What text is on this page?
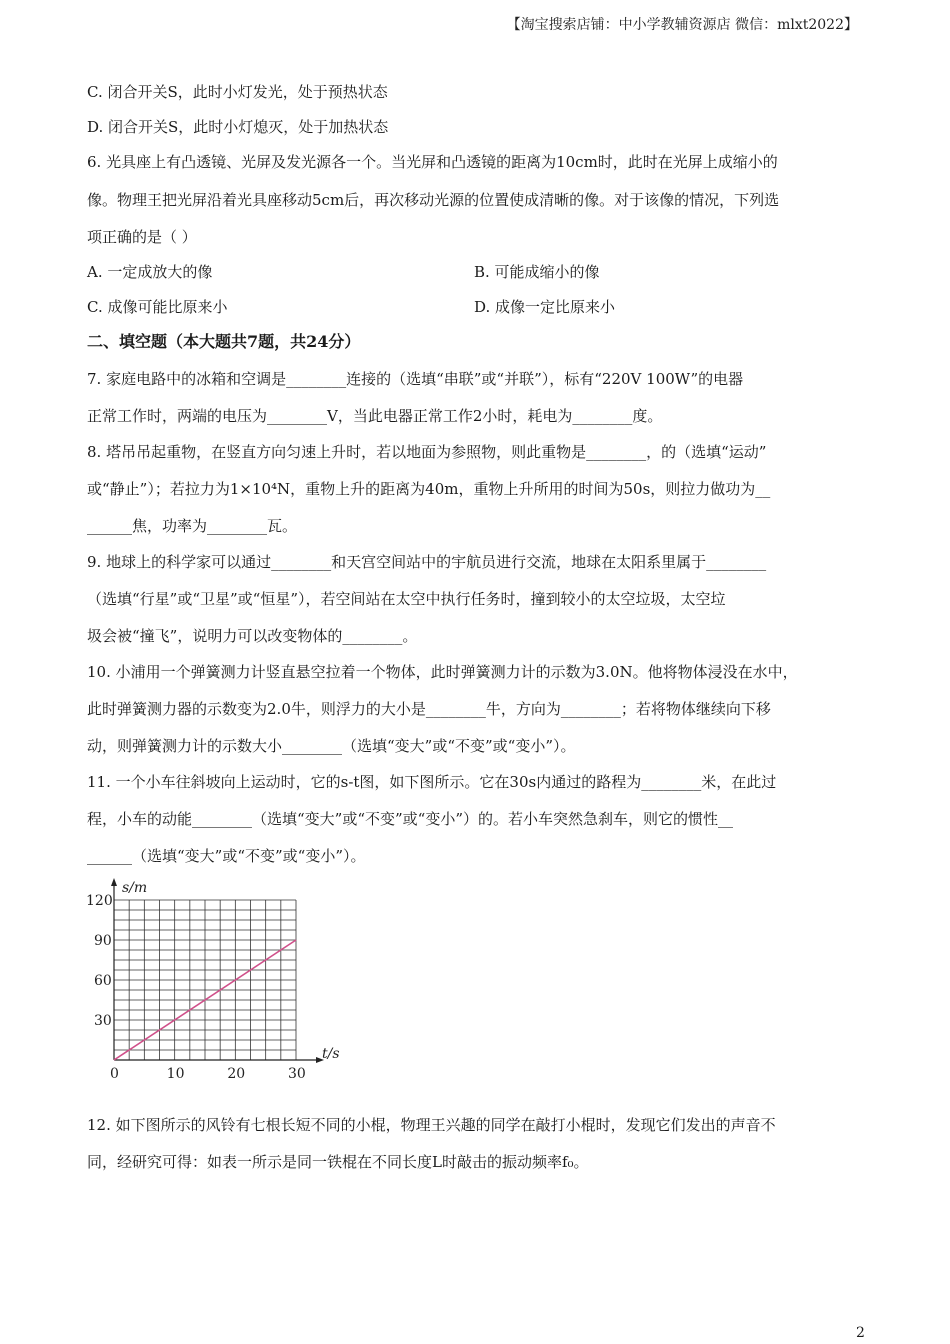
【淘宝搜索店铺：中小学教辅资源店 微信：mlxt2022】
C. 闭合开关S，此时小灯发光，处于预热状态
D. 闭合开关S，此时小灯熄灭，处于加热状态
6. 光具座上有凸透镜、光屏及发光源各一个。当光屏和凸透镜的距离为10cm时，此时在光屏上成缩小的
像。物理王把光屏沿着光具座移动5cm后，再次移动光源的位置使成清晰的像。对于该像的情况，下列选
项正确的是（ ）
A. 一定成放大的像	B. 可能成缩小的像
C. 成像可能比原来小	D. 成像一定比原来小
二、填空题（本大题共7题，共24分）
7. 家庭电路中的冰箱和空调是________连接的（选填“串联”或“并联”），标有“220V 100W”的电器
正常工作时，两端的电压为________V，当此电器正常工作2小时，耗电为________度。
8. 塔吊吊起重物，在竖直方向匀速上升时，若以地面为参照物，则此重物是________，的（选填“运动”
或“静止”）；若拉力为1×10⁴N，重物上升的距离为40m，重物上升所用的时间为50s，则拉力做功为__
______焦，功率为________瓦。
9. 地球上的科学家可以通过________和天宫空间站中的宇航员进行交流，地球在太阳系里属于________
（选填“行星”或“卫星”或“恒星”），若空间站在太空中执行任务时，撞到较小的太空垃圾，太空垃
圾会被“撞飞”，说明力可以改变物体的________。
10. 小浦用一个弹簧测力计竖直悬空拉着一个物体，此时弹簧测力计的示数为3.0N。他将物体浸没在水中，
此时弹簧测力器的示数变为2.0牛，则浮力的大小是________牛，方向为________；若将物体继续向下移
动，则弹簧测力计的示数大小________（选填“变大”或“不变”或“变小”）。
11. 一个小车往斜坡向上运动时，它的s-t图，如下图所示。它在30s内通过的路程为________米，在此过
程，小车的动能________（选填“变大”或“不变”或“变小”）的。若小车突然急刹车，则它的惯性__
______（选填“变大”或“不变”或“变小”）。
0	10	20	30
30
60
90
120
t/s
s/m
12. 如下图所示的风铃有七根长短不同的小棍，物理王兴趣的同学在敲打小棍时，发现它们发出的声音不
同，经研究可得：如表一所示是同一铁棍在不同长度L时敲击的振动频率f₀。
2
